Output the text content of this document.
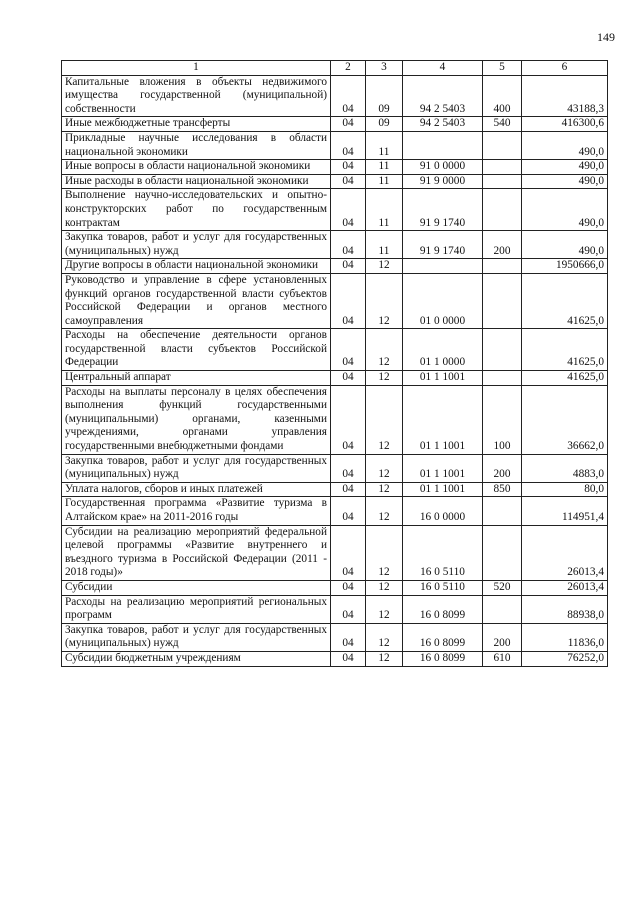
149
1	2	3	4	5	6
Капитальные вложения в объекты недвижимого имущества государственной (муниципальной) собственности	04	09	94 2 5403	400	43188,3
Иные межбюджетные трансферты	04	09	94 2 5403	540	416300,6
Прикладные научные исследования в области национальной экономики	04	11			490,0
Иные вопросы в области национальной экономики	04	11	91 0 0000		490,0
Иные расходы в области национальной экономики	04	11	91 9 0000		490,0
Выполнение научно-исследовательских и опытно-конструкторских работ по государственным контрактам	04	11	91 9 1740		490,0
Закупка товаров, работ и услуг для государственных (муниципальных) нужд	04	11	91 9 1740	200	490,0
Другие вопросы в области национальной экономики	04	12			1950666,0
Руководство и управление в сфере установленных функций органов государственной власти субъектов Российской Федерации и органов местного самоуправления	04	12	01 0 0000		41625,0
Расходы на обеспечение деятельности органов государственной власти субъектов Российской Федерации	04	12	01 1 0000		41625,0
Центральный аппарат	04	12	01 1 1001		41625,0
Расходы на выплаты персоналу в целях обеспечения выполнения функций государственными (муниципальными) органами, казенными учреждениями, органами управления государственными внебюджетными фондами	04	12	01 1 1001	100	36662,0
Закупка товаров, работ и услуг для государственных (муниципальных) нужд	04	12	01 1 1001	200	4883,0
Уплата налогов, сборов и иных платежей	04	12	01 1 1001	850	80,0
Государственная программа «Развитие туризма в Алтайском крае» на 2011-2016 годы	04	12	16 0 0000		114951,4
Субсидии на реализацию мероприятий федеральной целевой программы «Развитие внутреннего и въездного туризма в Российской Федерации (2011 - 2018 годы)»	04	12	16 0 5110		26013,4
Субсидии	04	12	16 0 5110	520	26013,4
Расходы на реализацию мероприятий региональных программ	04	12	16 0 8099		88938,0
Закупка товаров, работ и услуг для государственных (муниципальных) нужд	04	12	16 0 8099	200	11836,0
Субсидии бюджетным учреждениям	04	12	16 0 8099	610	76252,0
